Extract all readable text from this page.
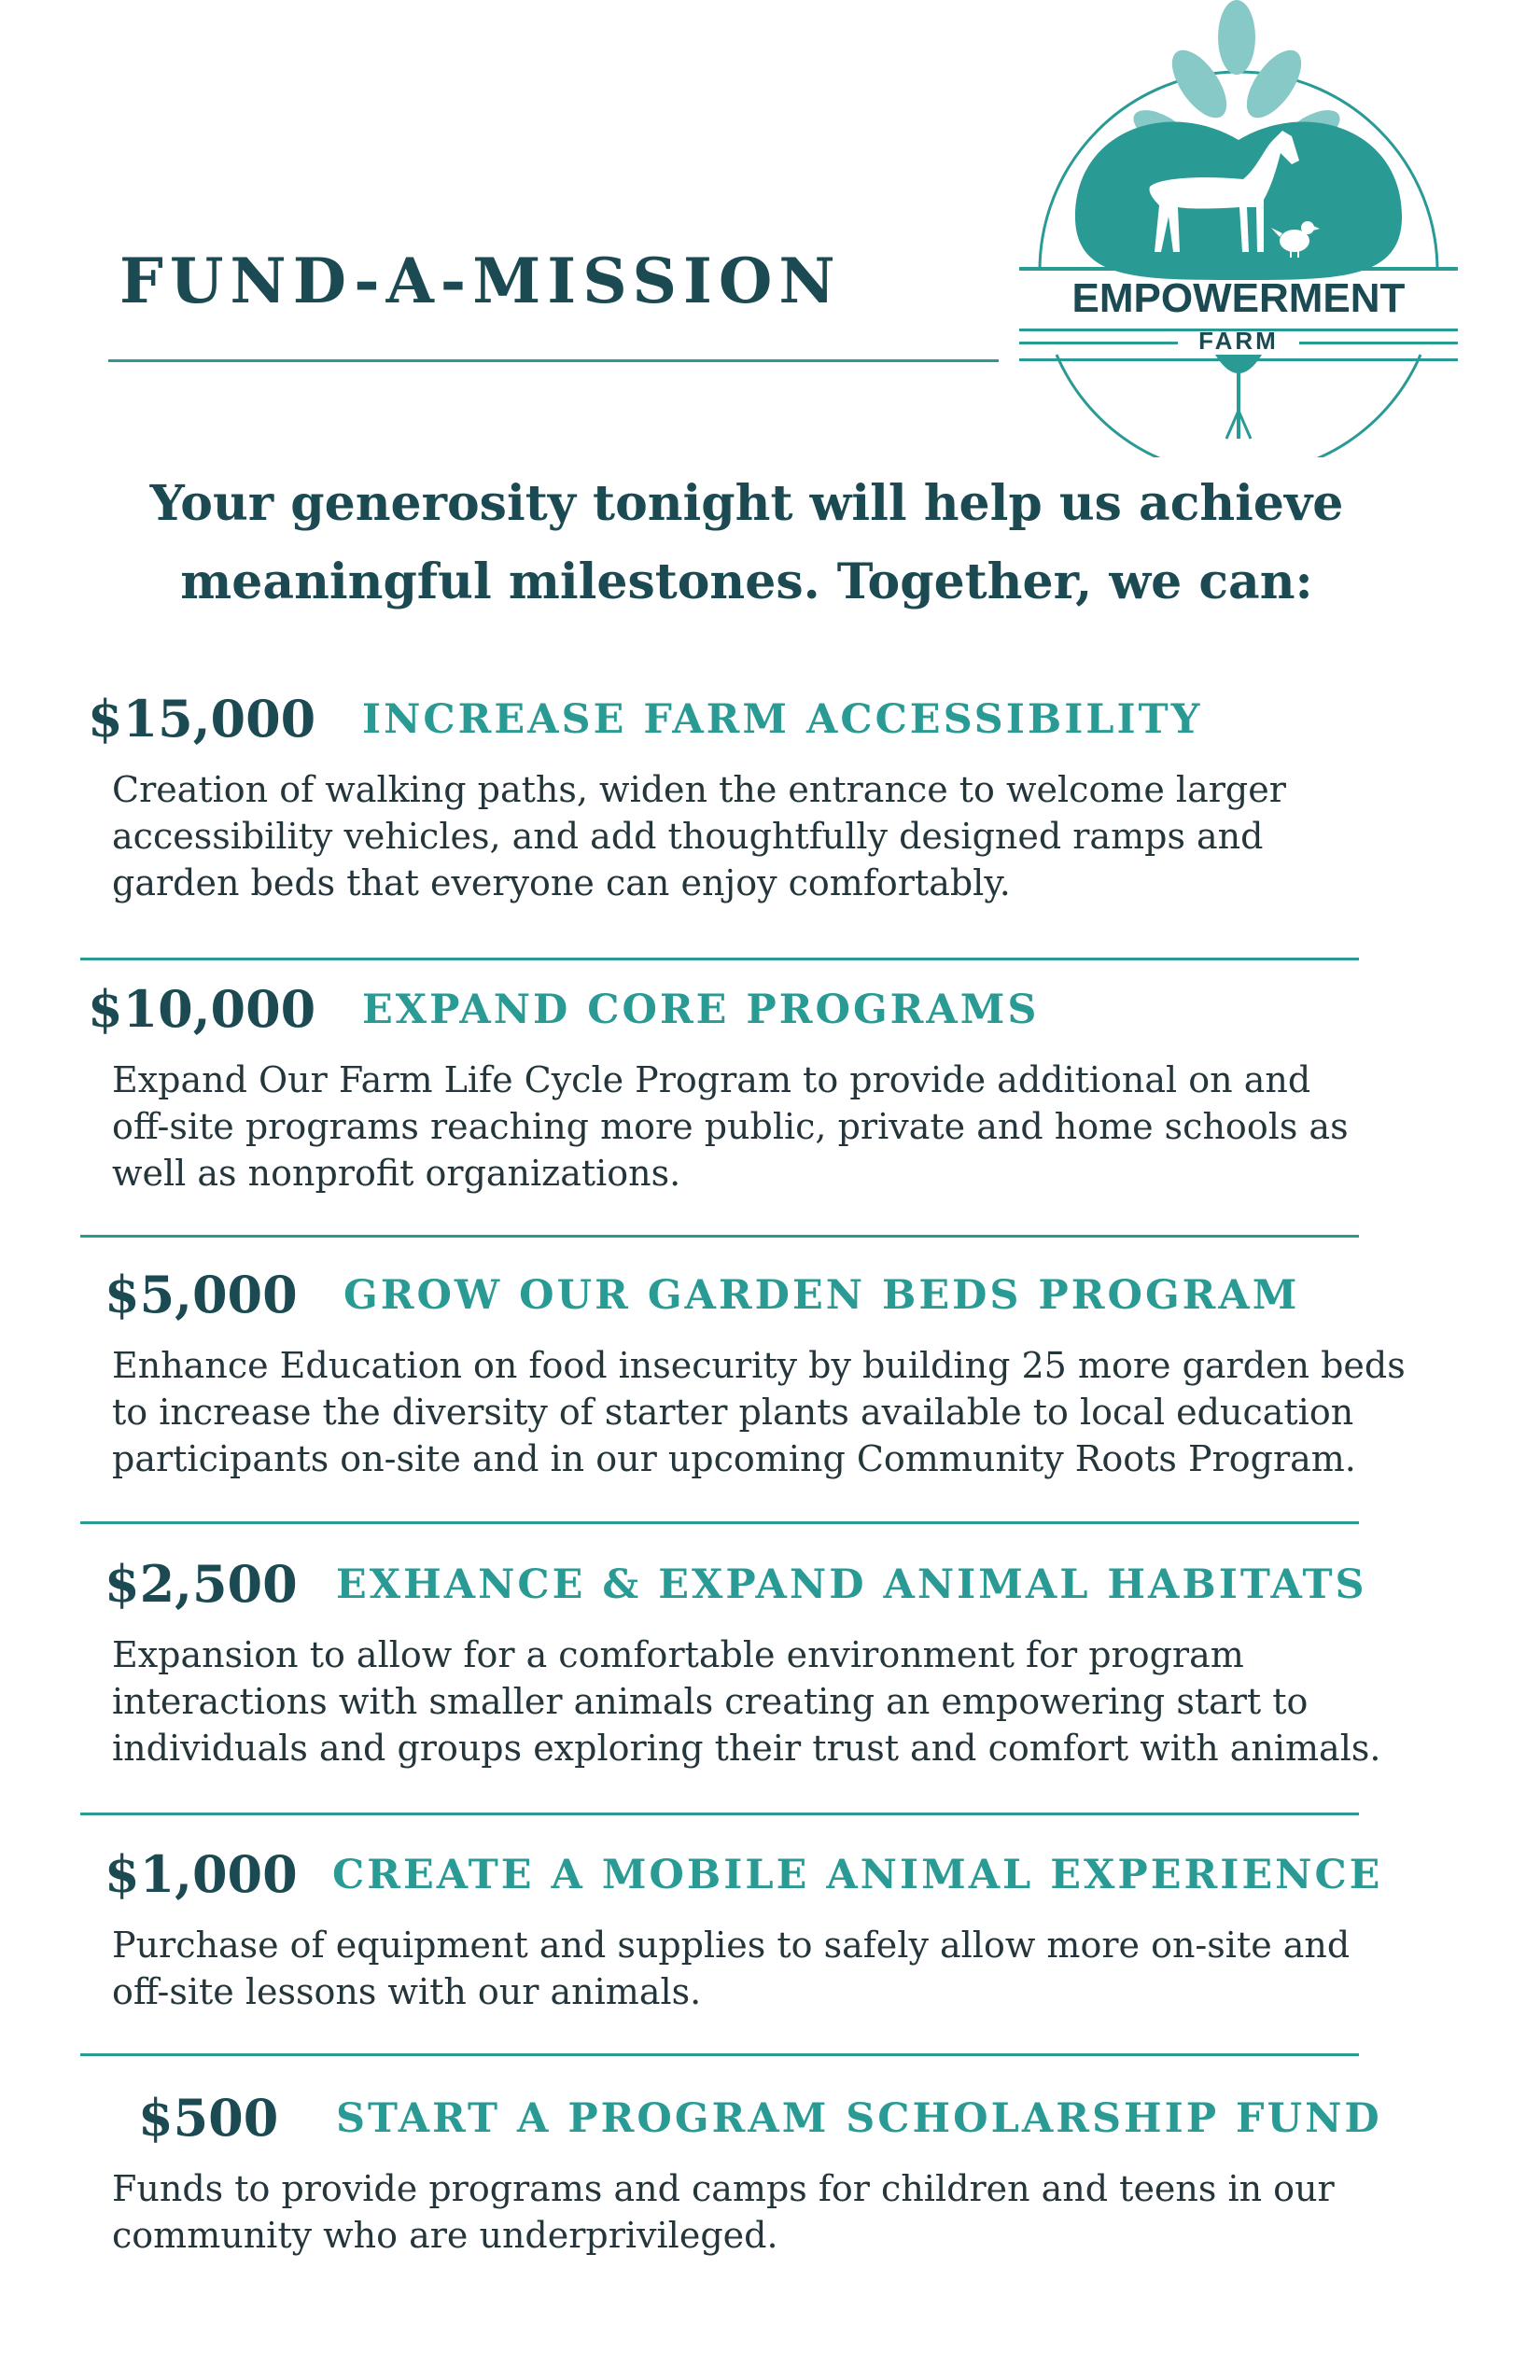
FUND-A-MISSION	EMPOWERMENT
FARM

Your generosity tonight will help us achieve
meaningful milestones. Together, we can:

$15,000 INCREASE FARM ACCESSIBILITY

Creation of walking paths, widen the entrance to welcome larger
accessibility vehicles, and add thoughtfully designed ramps and
garden beds that everyone can enjoy comfortably.

$10,000 EXPAND CORE PROGRAMS

Expand Our Farm Life Cycle Program to provide additional on and
off-site programs reaching more public, private and home schools as
well as nonprofit organizations.

$5,000 GROW OUR GARDEN BEDS PROGRAM

Enhance Education on food insecurity by building 25 more garden beds
to increase the diversity of starter plants available to local education
participants on-site and in our upcoming Community Roots Program.

$2,500 EXHANCE & EXPAND ANIMAL HABITATS

Expansion to allow for a comfortable environment for program
interactions with smaller animals creating an empowering start to
individuals and groups exploring their trust and comfort with animals.

$1,000 CREATE A MOBILE ANIMAL EXPERIENCE

Purchase of equipment and supplies to safely allow more on-site and
off-site lessons with our animals.

$500 START A PROGRAM SCHOLARSHIP FUND

Funds to provide programs and camps for children and teens in our
community who are underprivileged.
